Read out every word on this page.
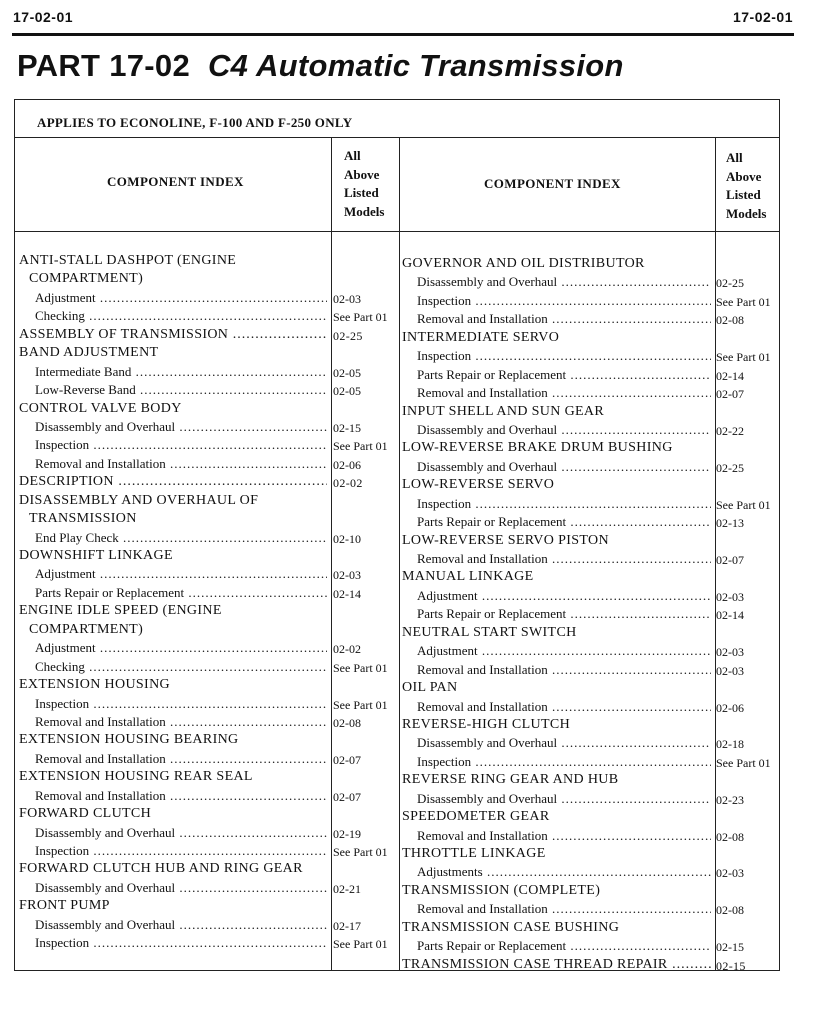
17-02-01	17-02-01
PART 17-02 C4 Automatic Transmission
APPLIES TO ECONOLINE, F-100 AND F-250 ONLY
COMPONENT INDEX
All
Above
Listed
Models
COMPONENT INDEX
All
Above
Listed
Models
ANTI-STALL DASHPOT (ENGINE
COMPARTMENT)
Adjustment .....	02-03
Checking .....	See Part 01
ASSEMBLY OF TRANSMISSION .....	02-25
BAND ADJUSTMENT
Intermediate Band .....	02-05
Low-Reverse Band .....	02-05
CONTROL VALVE BODY
Disassembly and Overhaul .....	02-15
Inspection .....	See Part 01
Removal and Installation .....	02-06
DESCRIPTION .....	02-02
DISASSEMBLY AND OVERHAUL OF
TRANSMISSION
End Play Check .....	02-10
DOWNSHIFT LINKAGE
Adjustment .....	02-03
Parts Repair or Replacement .....	02-14
ENGINE IDLE SPEED (ENGINE
COMPARTMENT)
Adjustment .....	02-02
Checking .....	See Part 01
EXTENSION HOUSING
Inspection .....	See Part 01
Removal and Installation .....	02-08
EXTENSION HOUSING BEARING
Removal and Installation .....	02-07
EXTENSION HOUSING REAR SEAL
Removal and Installation .....	02-07
FORWARD CLUTCH
Disassembly and Overhaul .....	02-19
Inspection .....	See Part 01
FORWARD CLUTCH HUB AND RING GEAR
Disassembly and Overhaul .....	02-21
FRONT PUMP
Disassembly and Overhaul .....	02-17
Inspection .....	See Part 01
GOVERNOR AND OIL DISTRIBUTOR
Disassembly and Overhaul .....	02-25
Inspection .....	See Part 01
Removal and Installation .....	02-08
INTERMEDIATE SERVO
Inspection .....	See Part 01
Parts Repair or Replacement .....	02-14
Removal and Installation .....	02-07
INPUT SHELL AND SUN GEAR
Disassembly and Overhaul .....	02-22
LOW-REVERSE BRAKE DRUM BUSHING
Disassembly and Overhaul .....	02-25
LOW-REVERSE SERVO
Inspection .....	See Part 01
Parts Repair or Replacement .....	02-13
LOW-REVERSE SERVO PISTON
Removal and Installation .....	02-07
MANUAL LINKAGE
Adjustment .....	02-03
Parts Repair or Replacement .....	02-14
NEUTRAL START SWITCH
Adjustment .....	02-03
Removal and Installation .....	02-03
OIL PAN
Removal and Installation .....	02-06
REVERSE-HIGH CLUTCH
Disassembly and Overhaul .....	02-18
Inspection .....	See Part 01
REVERSE RING GEAR AND HUB
Disassembly and Overhaul .....	02-23
SPEEDOMETER GEAR
Removal and Installation .....	02-08
THROTTLE LINKAGE
Adjustments .....	02-03
TRANSMISSION (COMPLETE)
Removal and Installation .....	02-08
TRANSMISSION CASE BUSHING
Parts Repair or Replacement .....	02-15
TRANSMISSION CASE THREAD REPAIR .....	02-15
